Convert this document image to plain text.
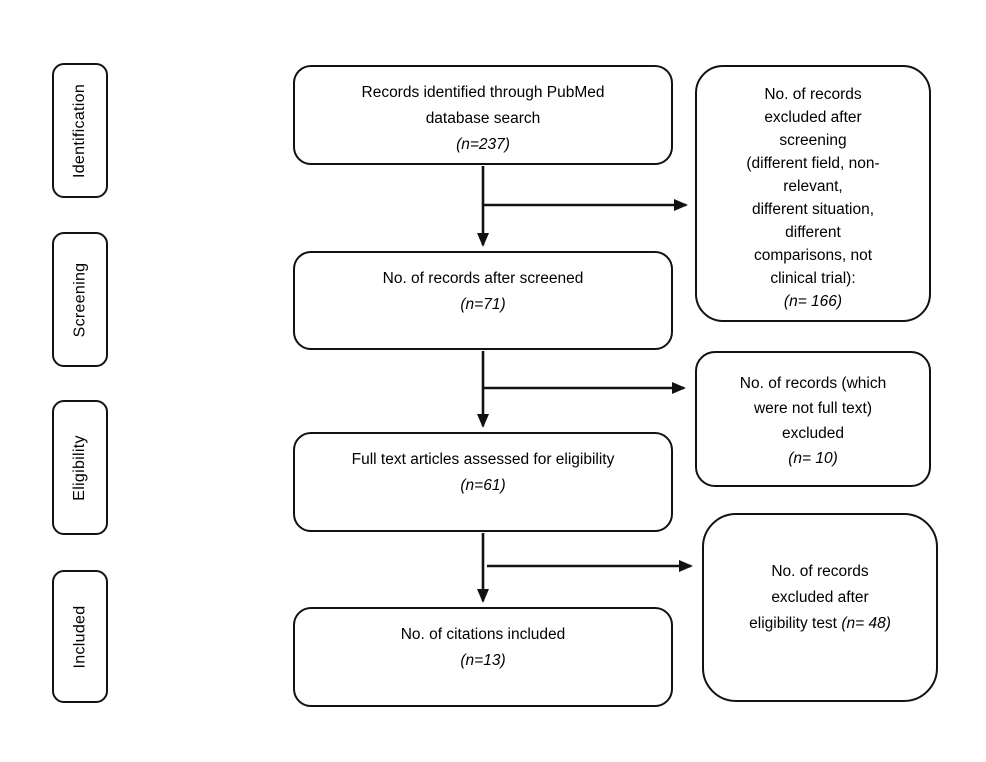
Identification
Screening
Eligibility
Included
Records identified through PubMed
database search
(n=237)
No. of records after screened
(n=71)
Full text articles assessed for eligibility
(n=61)
No. of citations included
(n=13)
No. of records
excluded after
screening
(different field, non-
relevant,
different situation,
different
comparisons, not
clinical trial):
(n= 166)
No. of records (which
were not full text)
excluded
(n= 10)
No. of records
excluded after
eligibility test (n= 48)
